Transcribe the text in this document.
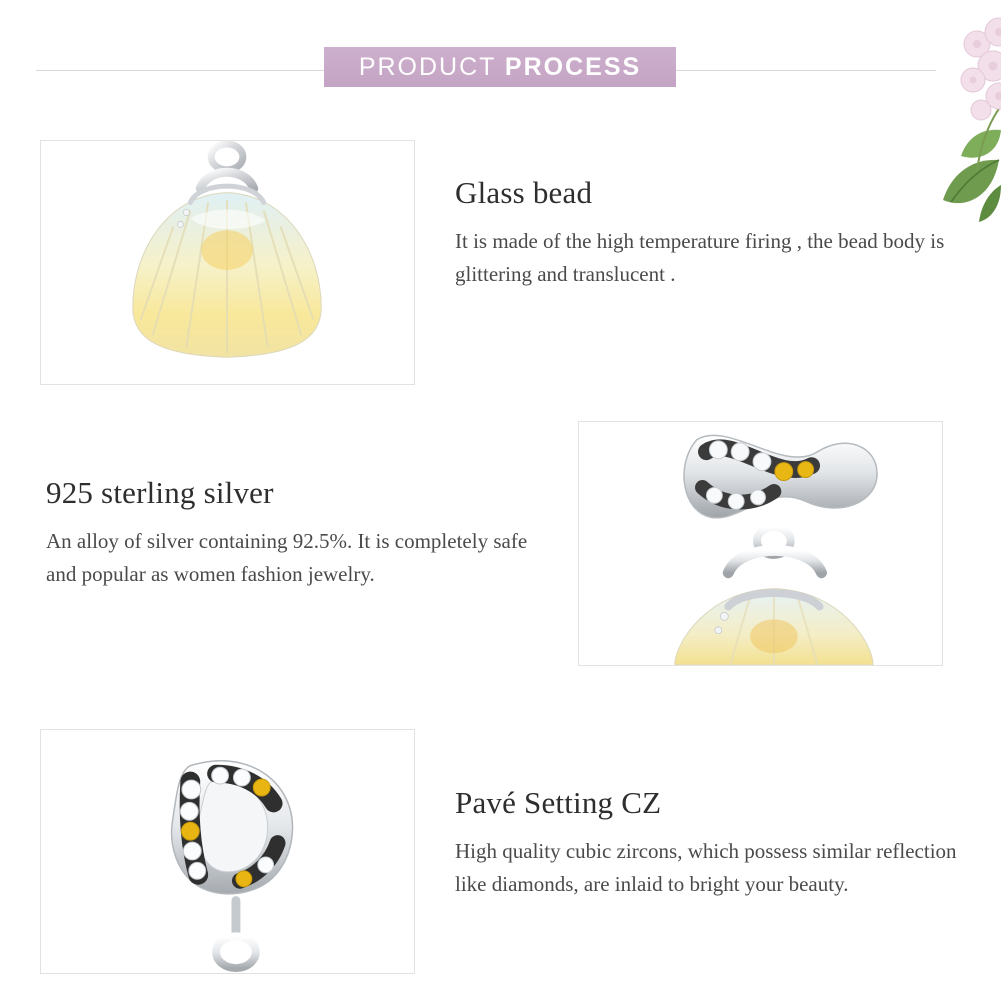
PRODUCT PROCESS
Glass bead

It is made of the high temperature firing , the bead body is glittering and translucent .

925 sterling silver

An alloy of silver containing 92.5%. It is completely safe and popular as women fashion jewelry.

Pavé Setting CZ

High quality cubic zircons, which possess similar reflection like diamonds, are inlaid to bright your beauty.
